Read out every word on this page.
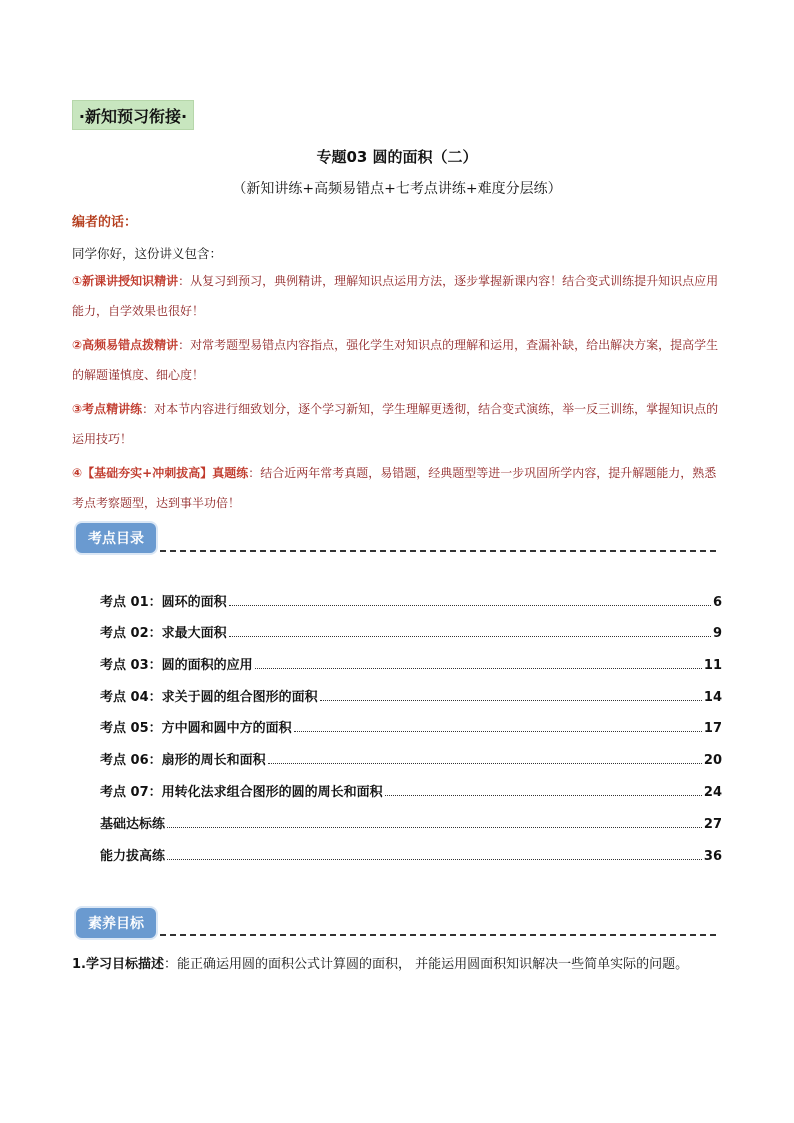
·新知预习衔接·
专题03 圆的面积（二）
（新知讲练+高频易错点+七考点讲练+难度分层练）
编者的话：
同学你好，这份讲义包含：
①新课讲授知识精讲：从复习到预习，典例精讲，理解知识点运用方法，逐步掌握新课内容！结合变式训练提升知识点应用能力，自学效果也很好！
②高频易错点拨精讲：对常考题型易错点内容指点，强化学生对知识点的理解和运用，查漏补缺，给出解决方案，提高学生的解题谨慎度、细心度！
③考点精讲练：对本节内容进行细致划分，逐个学习新知，学生理解更透彻，结合变式演练，举一反三训练，掌握知识点的运用技巧！
④【基础夯实+冲刺拔高】真题练：结合近两年常考真题，易错题，经典题型等进一步巩固所学内容，提升解题能力，熟悉考点考察题型，达到事半功倍！
考点目录
考点 01：圆环的面积	6
考点 02：求最大面积	9
考点 03：圆的面积的应用	11
考点 04：求关于圆的组合图形的面积	14
考点 05：方中圆和圆中方的面积	17
考点 06：扇形的周长和面积	20
考点 07：用转化法求组合图形的圆的周长和面积	24
基础达标练	27
能力拔高练	36
素养目标
1.学习目标描述：能正确运用圆的面积公式计算圆的面积， 并能运用圆面积知识解决一些简单实际的问题。
